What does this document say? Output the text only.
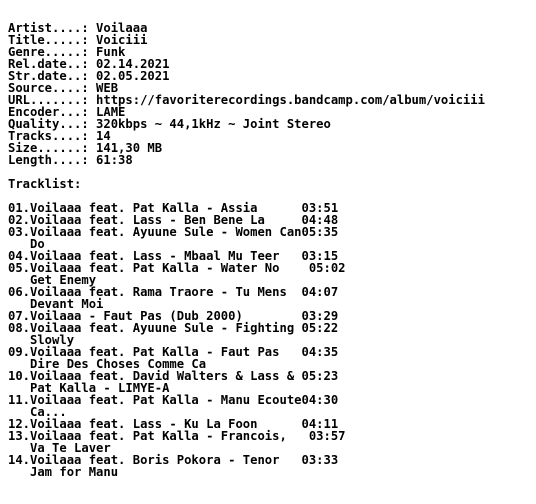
Artist....: Voilaaa
Title.....: Voiciii
Genre.....: Funk
Rel.date..: 02.14.2021
Str.date..: 02.05.2021
Source....: WEB
URL.......: https://favoriterecordings.bandcamp.com/album/voiciii
Encoder...: LAME
Quality...: 320kbps ~ 44,1kHz ~ Joint Stereo
Tracks....: 14
Size......: 141,30 MB
Length....: 61:38
Tracklist:
01.Voilaaa feat. Pat Kalla - Assia      03:51
02.Voilaaa feat. Lass - Ben Bene La     04:48
03.Voilaaa feat. Ayuune Sule - Women Can05:35
Do
04.Voilaaa feat. Lass - Mbaal Mu Teer   03:15
05.Voilaaa feat. Pat Kalla - Water No    05:02
Get Enemy
06.Voilaaa feat. Rama Traore - Tu Mens  04:07
Devant Moi
07.Voilaaa - Faut Pas (Dub 2000)        03:29
08.Voilaaa feat. Ayuune Sule - Fighting 05:22
Slowly
09.Voilaaa feat. Pat Kalla - Faut Pas   04:35
Dire Des Choses Comme Ca
10.Voilaaa feat. David Walters & Lass & 05:23
Pat Kalla - LIMYE-A
11.Voilaaa feat. Pat Kalla - Manu Ecoute04:30
Ca...
12.Voilaaa feat. Lass - Ku La Foon      04:11
13.Voilaaa feat. Pat Kalla - Francois,   03:57
Va Te Laver
14.Voilaaa feat. Boris Pokora - Tenor   03:33
Jam for Manu
